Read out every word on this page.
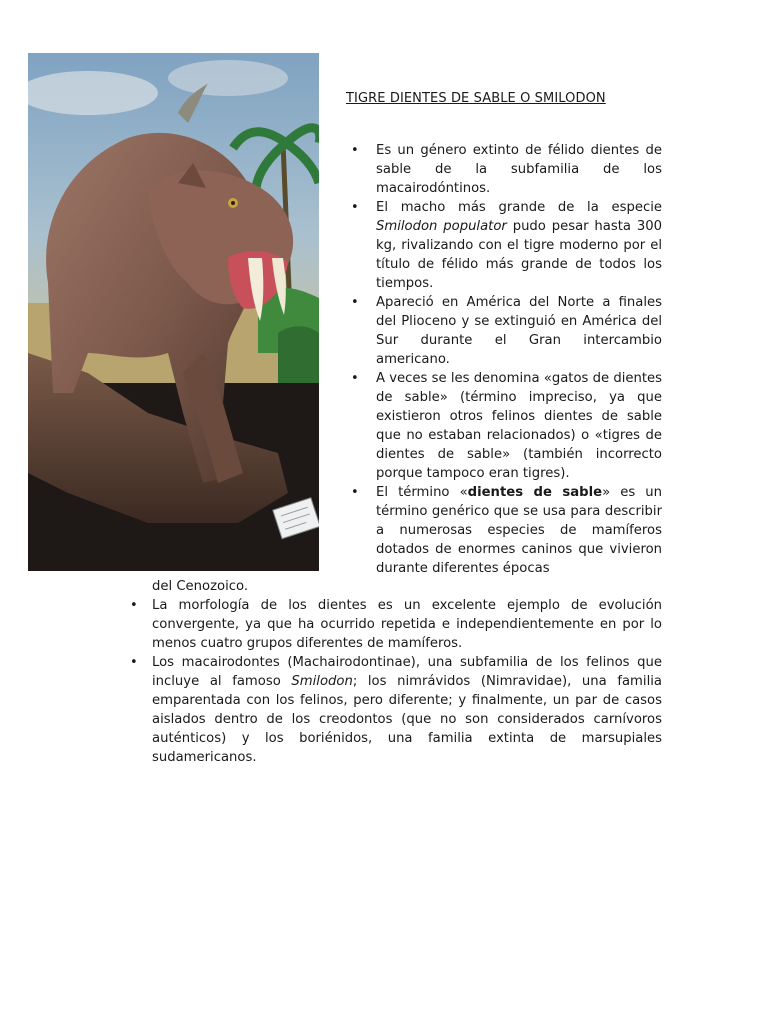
TIGRE DIENTES DE SABLE O SMILODON
• Es un género extinto de félido dientes de sable de la subfamilia de los macairodóntinos.
• El macho más grande de la especie Smilodon populator pudo pesar hasta 300 kg, rivalizando con el tigre moderno por el título de félido más grande de todos los tiempos.
• Apareció en América del Norte a finales del Plioceno y se extinguió en América del Sur durante el Gran intercambio americano.
• A veces se les denomina «gatos de dientes de sable» (término impreciso, ya que existieron otros felinos dientes de sable que no estaban relacionados) o «tigres de dientes de sable» (también incorrecto porque tampoco eran tigres).
• El término «dientes de sable» es un término genérico que se usa para describir a numerosas especies de mamíferos dotados de enormes caninos que vivieron durante diferentes épocas
del Cenozoico.
• La morfología de los dientes es un excelente ejemplo de evolución convergente, ya que ha ocurrido repetida e independientemente en por lo menos cuatro grupos diferentes de mamíferos.
• Los macairodontes (Machairodontinae), una subfamilia de los felinos que incluye al famoso Smilodon; los nimrávidos (Nimravidae), una familia emparentada con los felinos, pero diferente; y finalmente, un par de casos aislados dentro de los creodontos (que no son considerados carnívoros auténticos) y los boriénidos, una familia extinta de marsupiales sudamericanos.
